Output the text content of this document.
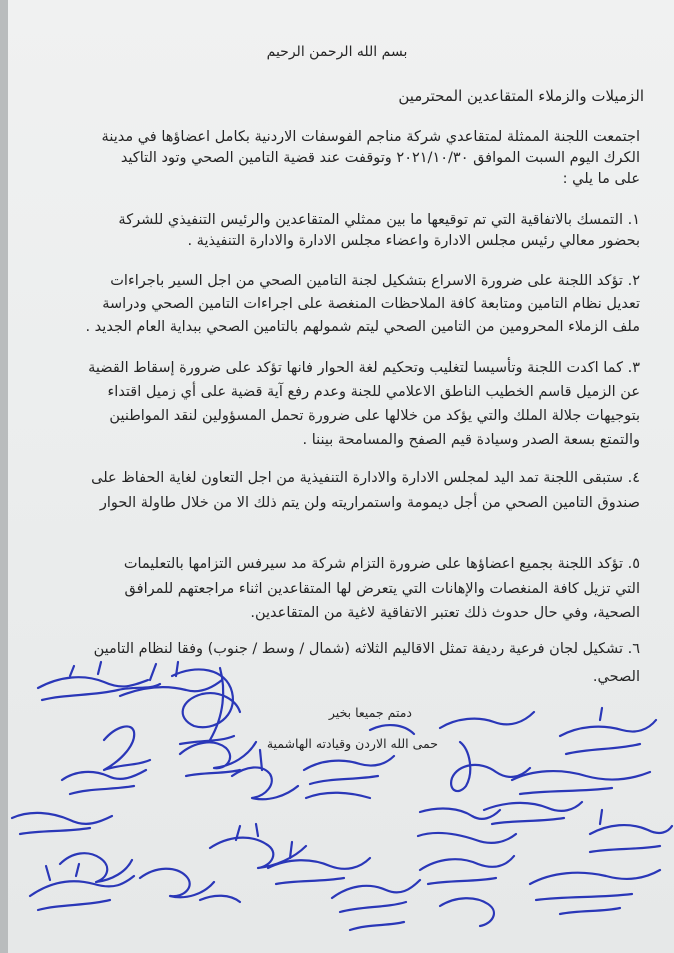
بسم الله الرحمن الرحيم
الزميلات والزملاء المتقاعدين المحترمين
اجتمعت اللجنة الممثلة لمتقاعدي شركة مناجم الفوسفات الاردنية بكامل اعضاؤها في مدينة
الكرك اليوم السبت الموافق ٢٠٢١/١٠/٣٠ وتوقفت عند قضية التامين الصحي وتود التاكيد
على ما يلي :
١. التمسك بالاتفاقية التي تم توقيعها ما بين ممثلي المتقاعدين والرئيس التنفيذي للشركة
بحضور معالي رئيس مجلس الادارة واعضاء مجلس الادارة والادارة التنفيذية .
٢. تؤكد اللجنة على ضرورة الاسراع بتشكيل لجنة التامين الصحي من اجل السير باجراءات
تعديل نظام التامين ومتابعة كافة الملاحظات المنغصة على اجراءات التامين الصحي ودراسة
ملف الزملاء المحرومين من التامين الصحي ليتم شمولهم بالتامين الصحي ببداية العام الجديد .
٣. كما اكدت اللجنة وتأسيسا لتغليب وتحكيم لغة الحوار فانها تؤكد على ضرورة إسقاط القضية
عن الزميل قاسم الخطيب الناطق الاعلامي للجنة وعدم رفع آية قضية على أي زميل اقتداء
بتوجيهات جلالة الملك والتي يؤكد من خلالها على ضرورة تحمل المسؤولين لنقد المواطنين
والتمتع بسعة الصدر وسيادة قيم الصفح والمسامحة بيننا .
٤. ستبقى اللجنة تمد اليد لمجلس الادارة والادارة التنفيذية من اجل التعاون لغاية الحفاظ على
صندوق التامين الصحي من أجل ديمومة واستمراريته ولن يتم ذلك الا من خلال طاولة الحوار
٥. تؤكد اللجنة بجميع اعضاؤها على ضرورة التزام شركة مد سيرفس التزامها بالتعليمات
التي تزيل كافة المنغصات والإهانات التي يتعرض لها المتقاعدين اثناء مراجعتهم للمرافق
الصحية، وفي حال حدوث ذلك تعتبر الاتفاقية لاغية من المتقاعدين.
٦. تشكيل لجان فرعية رديفة تمثل الاقاليم الثلاثه (شمال / وسط / جنوب) وفقا لنظام التامين
الصحي.
دمتم جميعا بخير
حمى الله الاردن وقيادته الهاشمية
